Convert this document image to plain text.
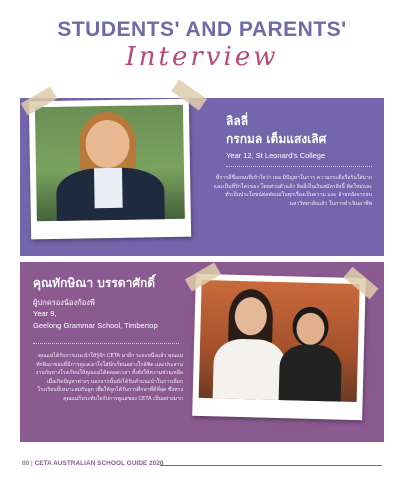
STUDENTS' AND PARENTS'
Interview
ลิลลี่
กรกมล เต็มแสงเลิศ
Year 12, St Leonard's College
ที่การลี่ชื่อถนนที่เข้าใจว่า เธอ มีปัญหาในการ ความกระตือรือร้นใส่มากและเป็นที่รักใครของ โดยส่วนตัวแล้ว ลิลลี่เป็นเงินสมัครสิ่งนี้ คิดใหม่และทำเป็นประโยชน์ต่อพ่อแม่ในทุกเรื่องเป็นความ และ อ้ายหลังจากจบมหาวิทยาลัยแล้ว ในการดำเนินอาชีพ
คุณทักษิณา บรรดาศักดิ์
ผู้ปกครองน้องก้องพี
Year 9,
Geelong Grammar School, Timbertop
คุณแม่ได้รับการแนะนำให้รู้จัก CETA มาอีก ระยะหนึ่งแล้ว คุณแม่ทักษิณาชอบที่มีการดูแลเอาใจใส่นักเรียนอย่างใกล้ชิด และประสานงานกับทางโรงเรียนให้คุณแม่ได้ตลอดเวลา ทั้งยังให้ความช่วยเหลือเมื่อเกิดปัญหาต่างๆ นอกจากนั้นยังได้รับคำแนะนำในการเลือกโรงเรียนที่เหมาะสมกับลูก เพื่อให้ลูกได้รับการศึกษาที่ดีที่สุด ซึ่งทางคุณแม่ก็ประทับใจกับการดูแลของ CETA เป็นอย่างมาก
88 | CETA AUSTRALIAN SCHOOL GUIDE 2020
